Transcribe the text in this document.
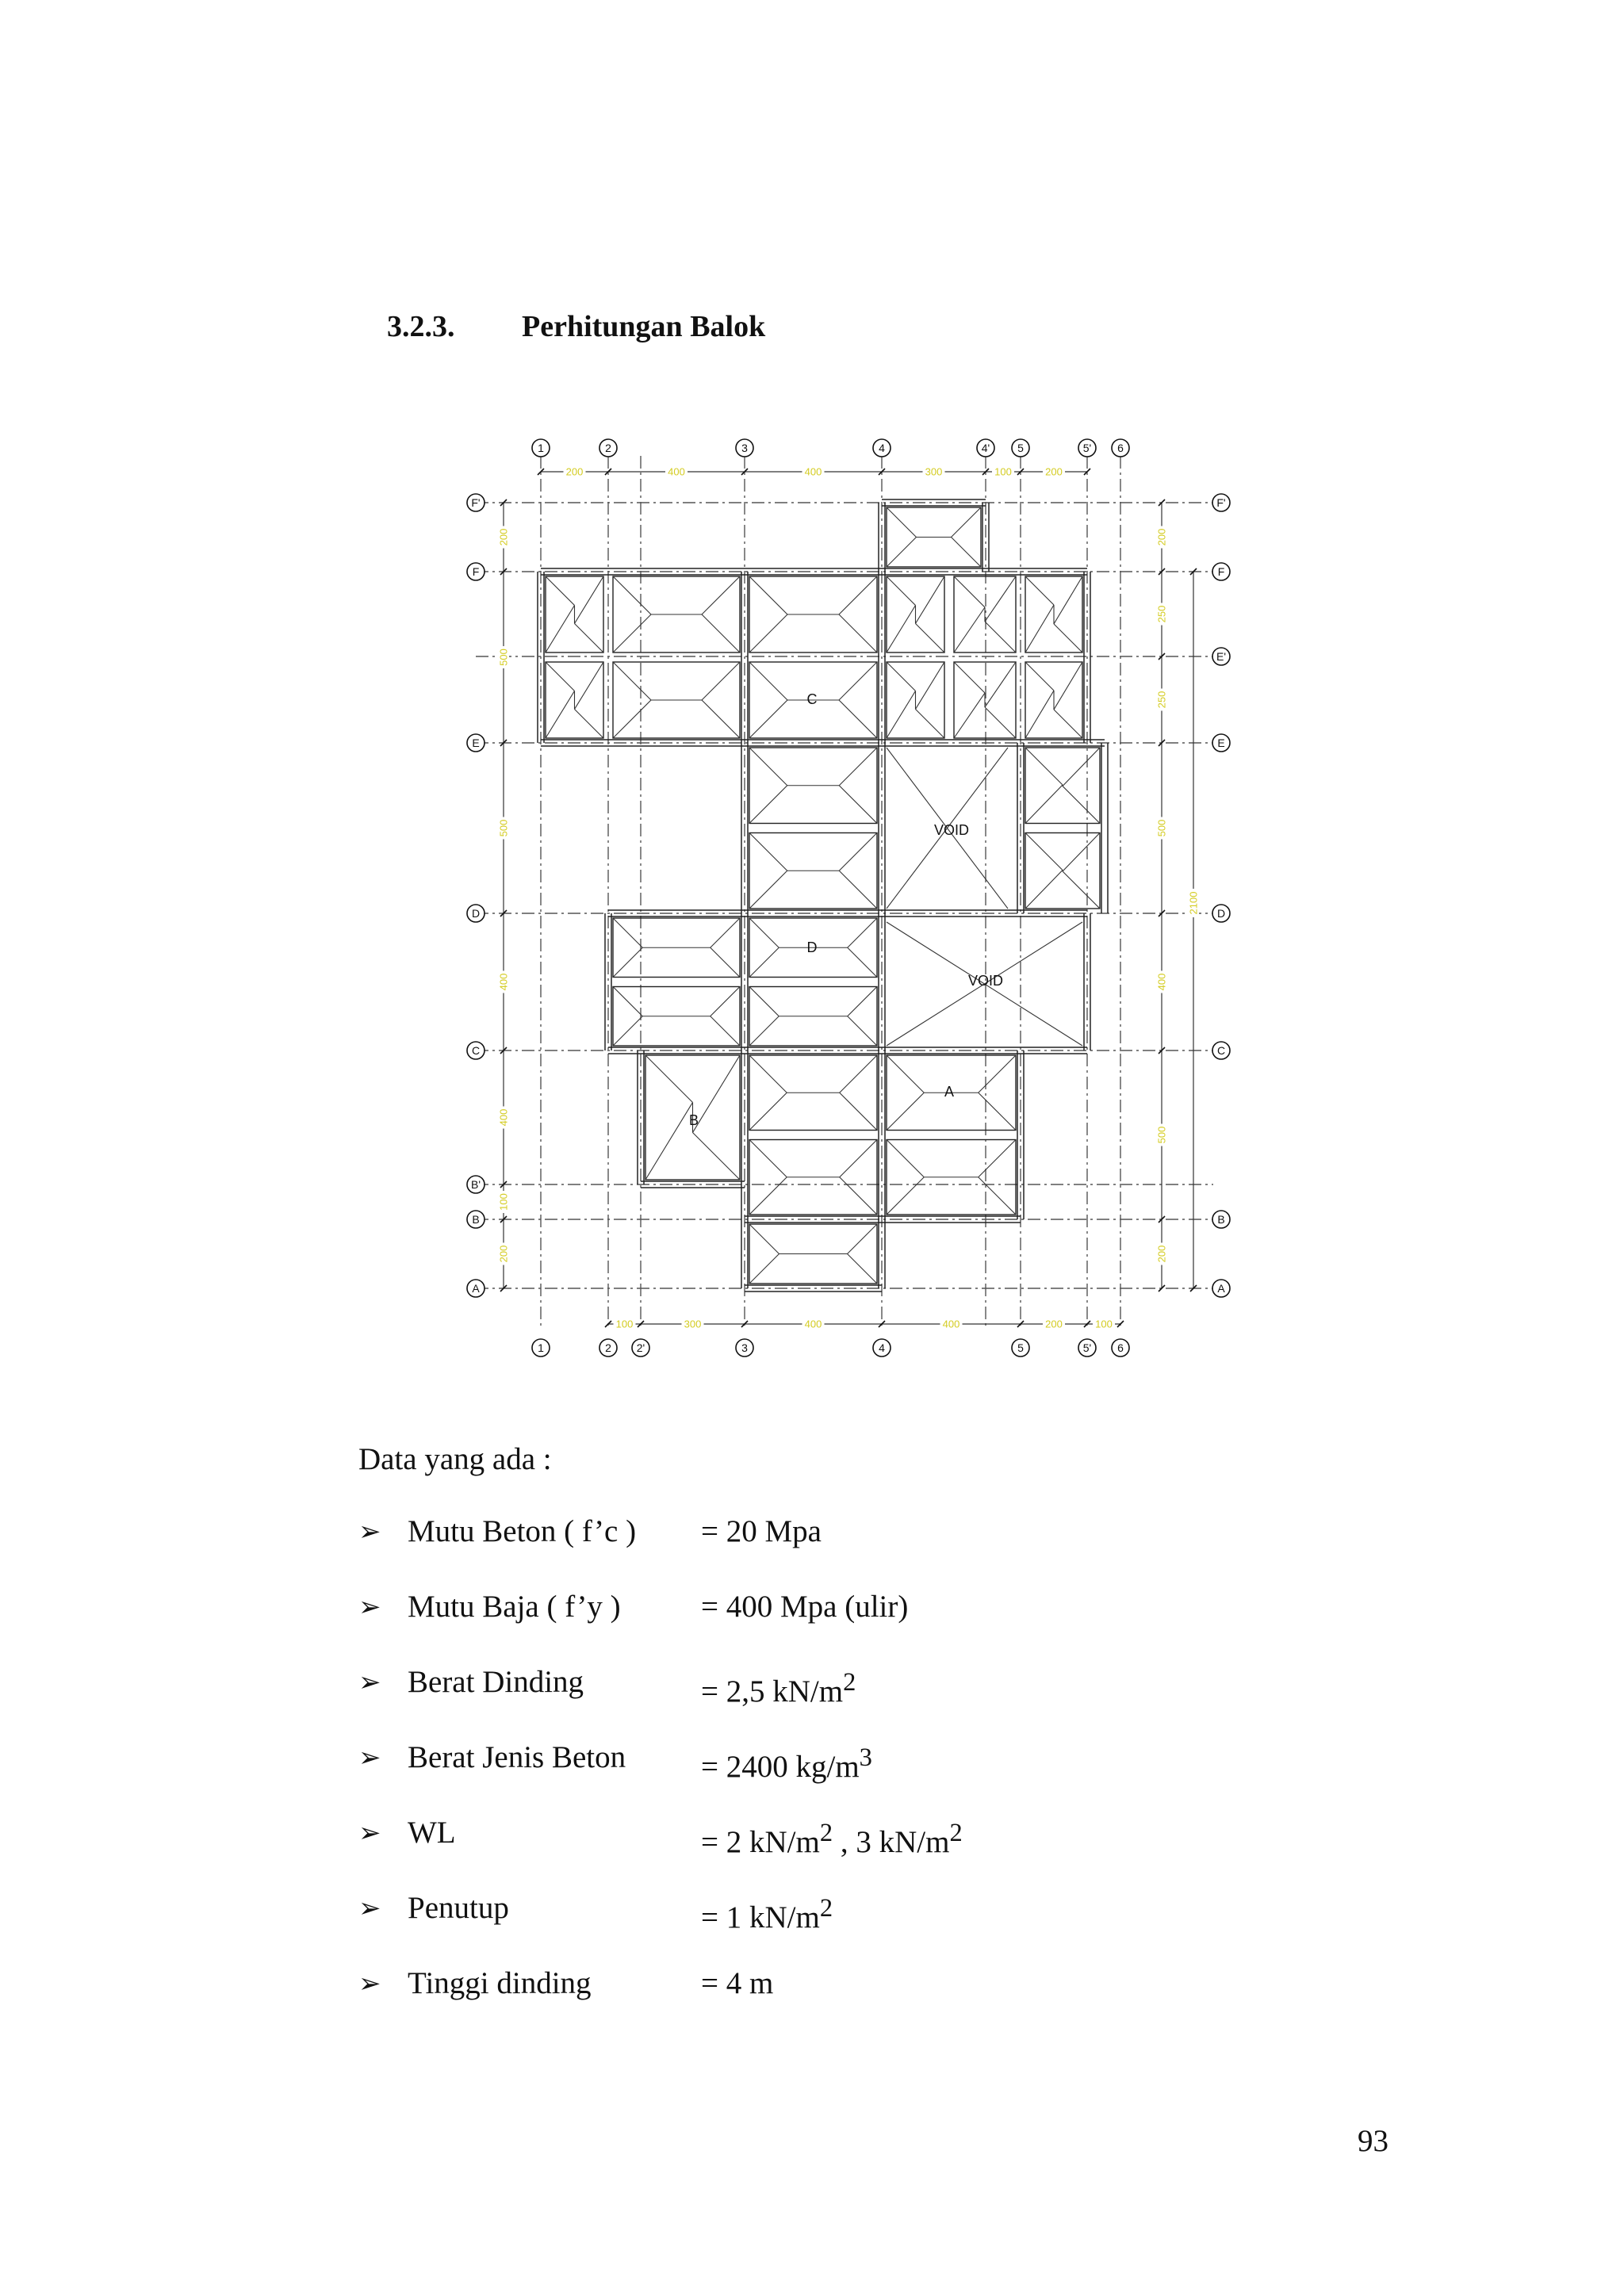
3.2.3. Perhitungan Balok
1	2	3	4	4' 5	5' 6
1	2 2'	3	4	5	5' 6
F'
F
E
D
C
B'
B
A
F'
F
E'
E
D
C
B
A
200	400	400	300	100	200
100	300	400	400	200	100
200
500
500
400
400
100
200
200
250
250
500
400
500
200
2100
C
D
A
B
VOID
VOID
Data yang ada :
➢ Mutu Beton ( f’c ) = 20 Mpa
➢ Mutu Baja ( f’y )	= 400 Mpa (ulir)
➢ Berat Dinding	= 2,5 $kN/m^2$
➢ Berat Jenis Beton = 2400 $kg/m^3$
➢ WL	= 2 $kN/m^2$ , 3 $kN/m^2$
➢ Penutup	= 1 $kN/m^2$
➢ Tinggi dinding	= 4 m
93
